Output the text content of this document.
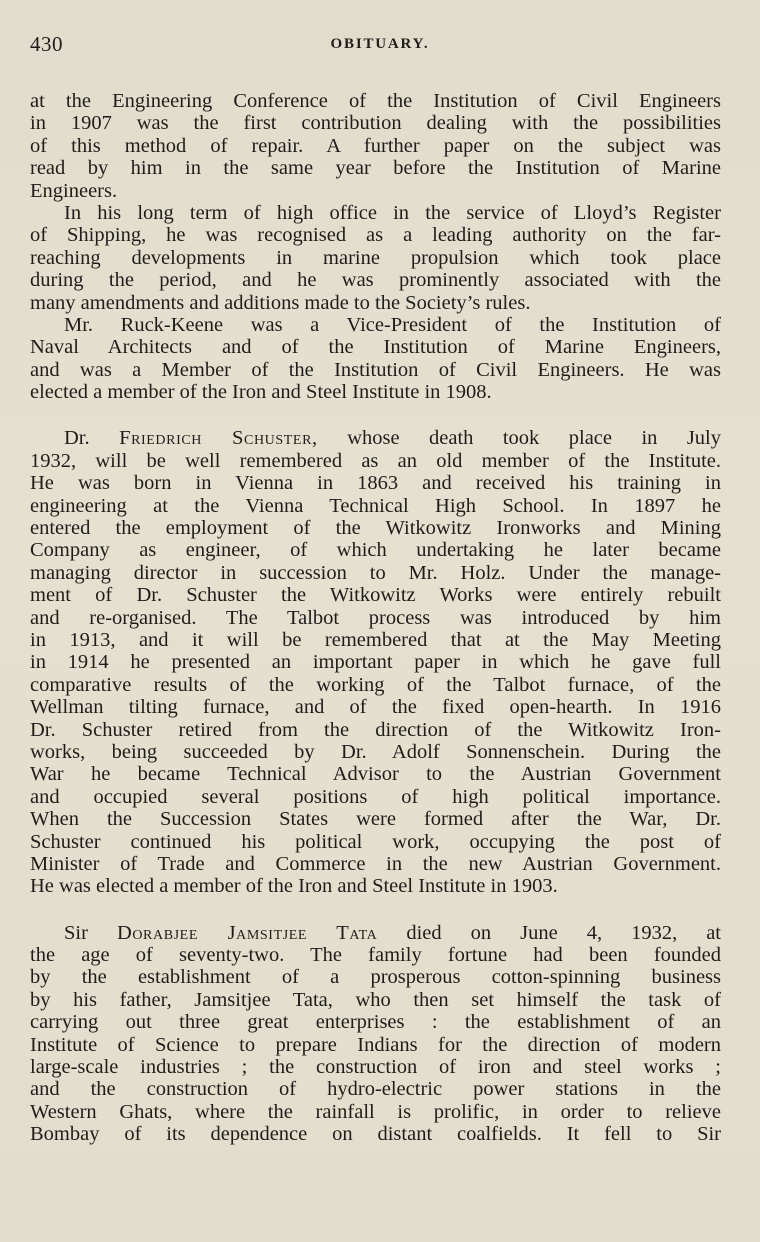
430	OBITUARY.
at the Engineering Conference of the Institution of Civil Engineers
in 1907 was the first contribution dealing with the possibilities
of this method of repair. A further paper on the subject was
read by him in the same year before the Institution of Marine
Engineers.
In his long term of high office in the service of Lloyd’s Register
of Shipping, he was recognised as a leading authority on the far-
reaching developments in marine propulsion which took place
during the period, and he was prominently associated with the
many amendments and additions made to the Society’s rules.
Mr. Ruck-Keene was a Vice-President of the Institution of
Naval Architects and of the Institution of Marine Engineers,
and was a Member of the Institution of Civil Engineers. He was
elected a member of the Iron and Steel Institute in 1908.
Dr. Friedrich Schuster, whose death took place in July
1932, will be well remembered as an old member of the Institute.
He was born in Vienna in 1863 and received his training in
engineering at the Vienna Technical High School. In 1897 he
entered the employment of the Witkowitz Ironworks and Mining
Company as engineer, of which undertaking he later became
managing director in succession to Mr. Holz. Under the manage-
ment of Dr. Schuster the Witkowitz Works were entirely rebuilt
and re-organised. The Talbot process was introduced by him
in 1913, and it will be remembered that at the May Meeting
in 1914 he presented an important paper in which he gave full
comparative results of the working of the Talbot furnace, of the
Wellman tilting furnace, and of the fixed open-hearth. In 1916
Dr. Schuster retired from the direction of the Witkowitz Iron-
works, being succeeded by Dr. Adolf Sonnenschein. During the
War he became Technical Advisor to the Austrian Government
and occupied several positions of high political importance.
When the Succession States were formed after the War, Dr.
Schuster continued his political work, occupying the post of
Minister of Trade and Commerce in the new Austrian Government.
He was elected a member of the Iron and Steel Institute in 1903.
Sir Dorabjee Jamsitjee Tata died on June 4, 1932, at
the age of seventy-two. The family fortune had been founded
by the establishment of a prosperous cotton-spinning business
by his father, Jamsitjee Tata, who then set himself the task of
carrying out three great enterprises : the establishment of an
Institute of Science to prepare Indians for the direction of modern
large-scale industries ; the construction of iron and steel works ;
and the construction of hydro-electric power stations in the
Western Ghats, where the rainfall is prolific, in order to relieve
Bombay of its dependence on distant coalfields. It fell to Sir
